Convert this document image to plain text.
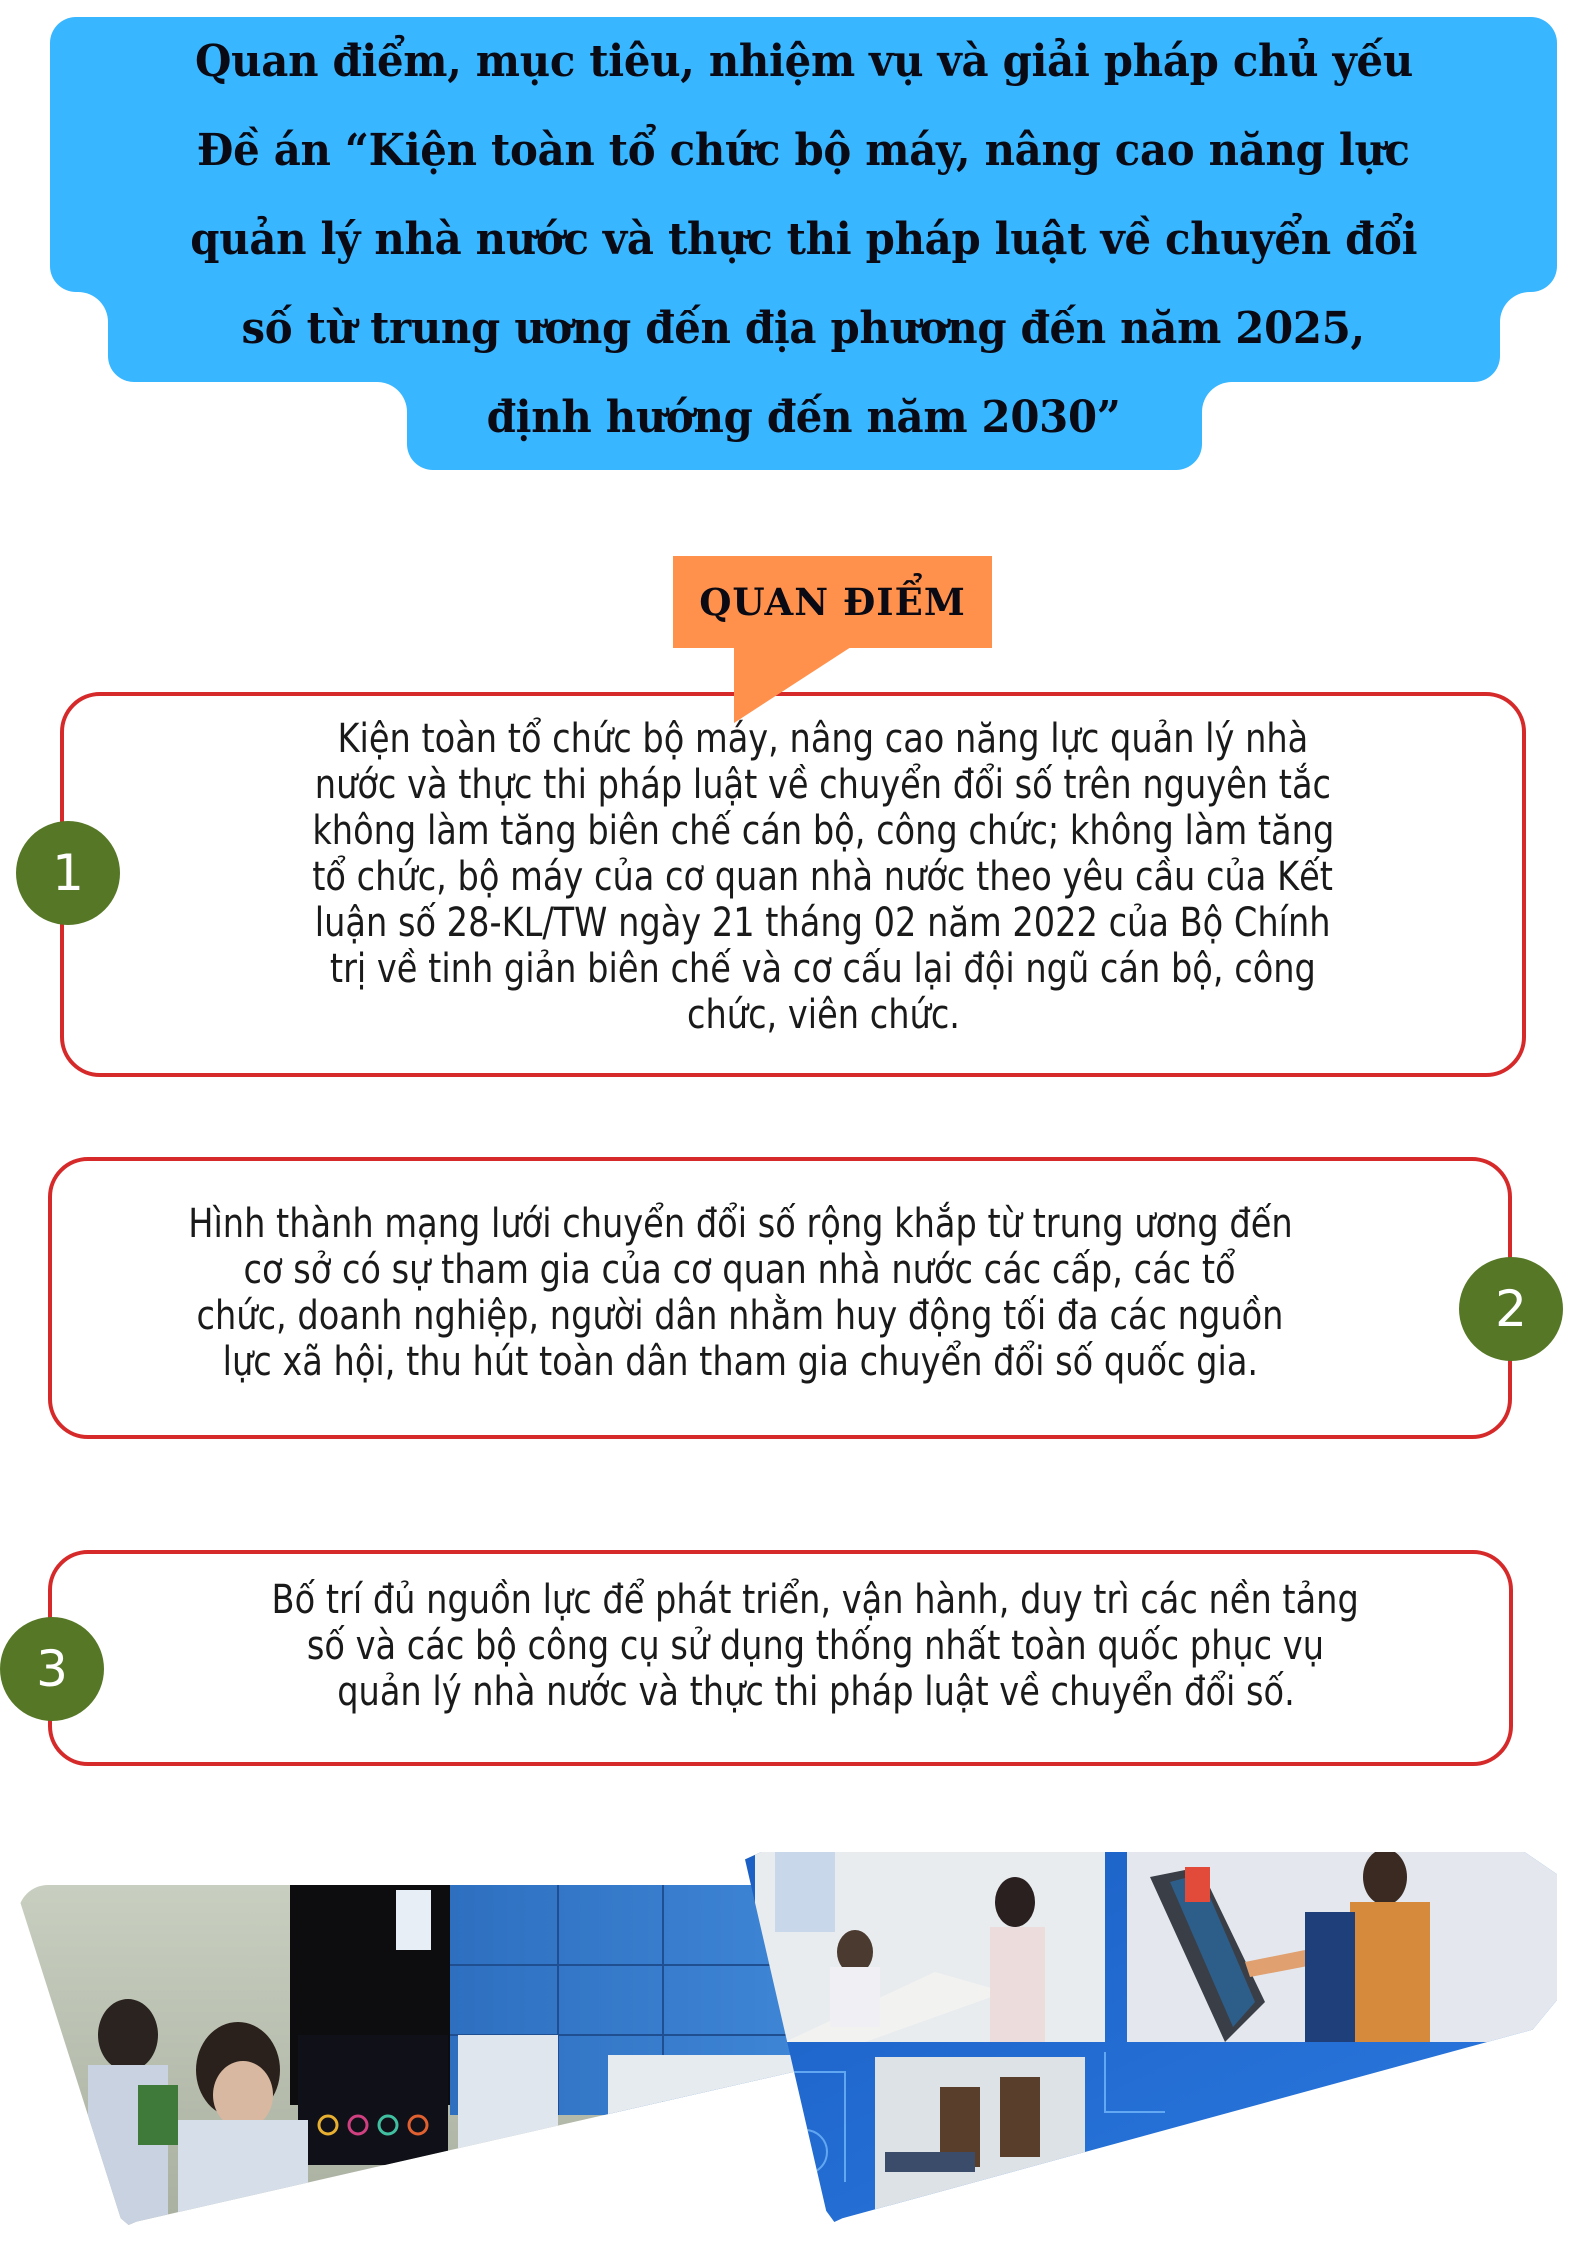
Quan điểm, mục tiêu, nhiệm vụ và giải pháp chủ yếu
Đề án “Kiện toàn tổ chức bộ máy, nâng cao năng lực
quản lý nhà nước và thực thi pháp luật về chuyển đổi
số từ trung ương đến địa phương đến năm 2025,
định hướng đến năm 2030”
QUAN ĐIỂM
Kiện toàn tổ chức bộ máy, nâng cao năng lực quản lý nhà
nước và thực thi pháp luật về chuyển đổi số trên nguyên tắc
không làm tăng biên chế cán bộ, công chức; không làm tăng
tổ chức, bộ máy của cơ quan nhà nước theo yêu cầu của Kết
luận số 28-KL/TW ngày 21 tháng 02 năm 2022 của Bộ Chính
trị về tinh giản biên chế và cơ cấu lại đội ngũ cán bộ, công
chức, viên chức.
1
Hình thành mạng lưới chuyển đổi số rộng khắp từ trung ương đến
cơ sở có sự tham gia của cơ quan nhà nước các cấp, các tổ
chức, doanh nghiệp, người dân nhằm huy động tối đa các nguồn
lực xã hội, thu hút toàn dân tham gia chuyển đổi số quốc gia.
2
Bố trí đủ nguồn lực để phát triển, vận hành, duy trì các nền tảng
số và các bộ công cụ sử dụng thống nhất toàn quốc phục vụ
quản lý nhà nước và thực thi pháp luật về chuyển đổi số.
3
